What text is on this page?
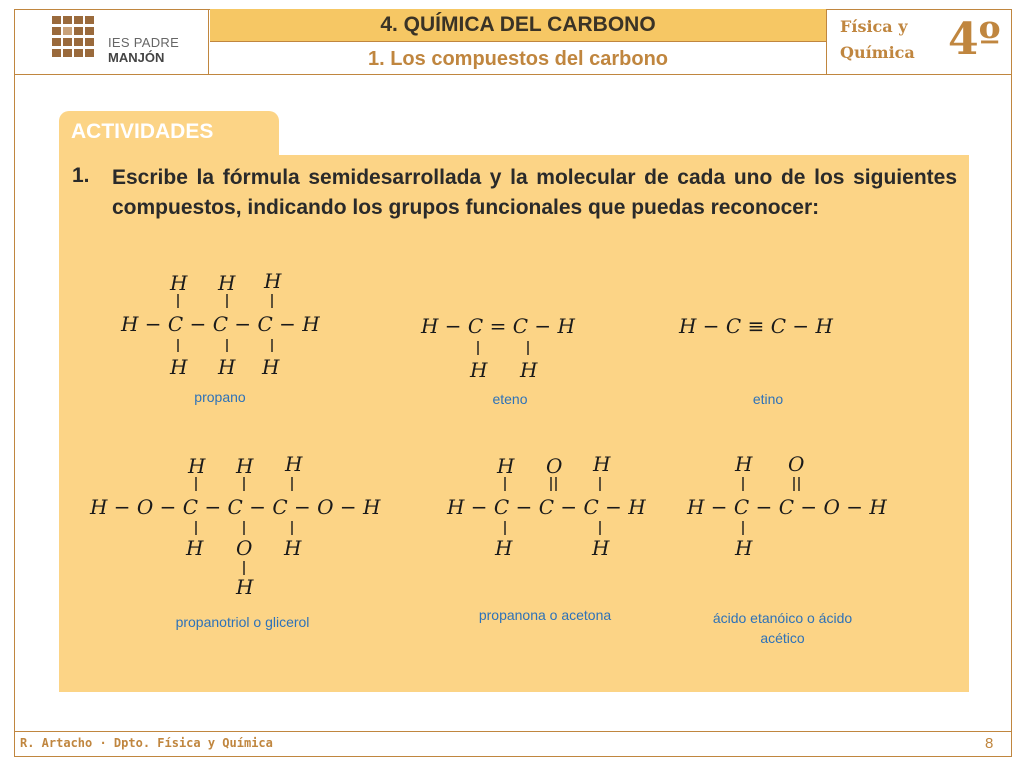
IES PADRE
MANJÓN
4. QUÍMICA DEL CARBONO
1. Los compuestos del carbono
Física y
Química 4º
ACTIVIDADES
1. Escribe la fórmula semidesarrollada y la molecular de cada uno de los siguientes compuestos, indicando los grupos funcionales que puedas reconocer:
H H H
H − C − C − C − H
H H H
H − C = C − H
H H
H − C ≡ C − H
H H H
H − O − C − C − C − O − H
H O H
H
H O H
H − C − C − C − H
H	H
H O
H − C − C − O − H
H
propano	eteno	etino
propanotriol o glicerol	propanona o acetona	ácido etanóico o ácido acético
R. Artacho · Dpto. Física y Química	8
